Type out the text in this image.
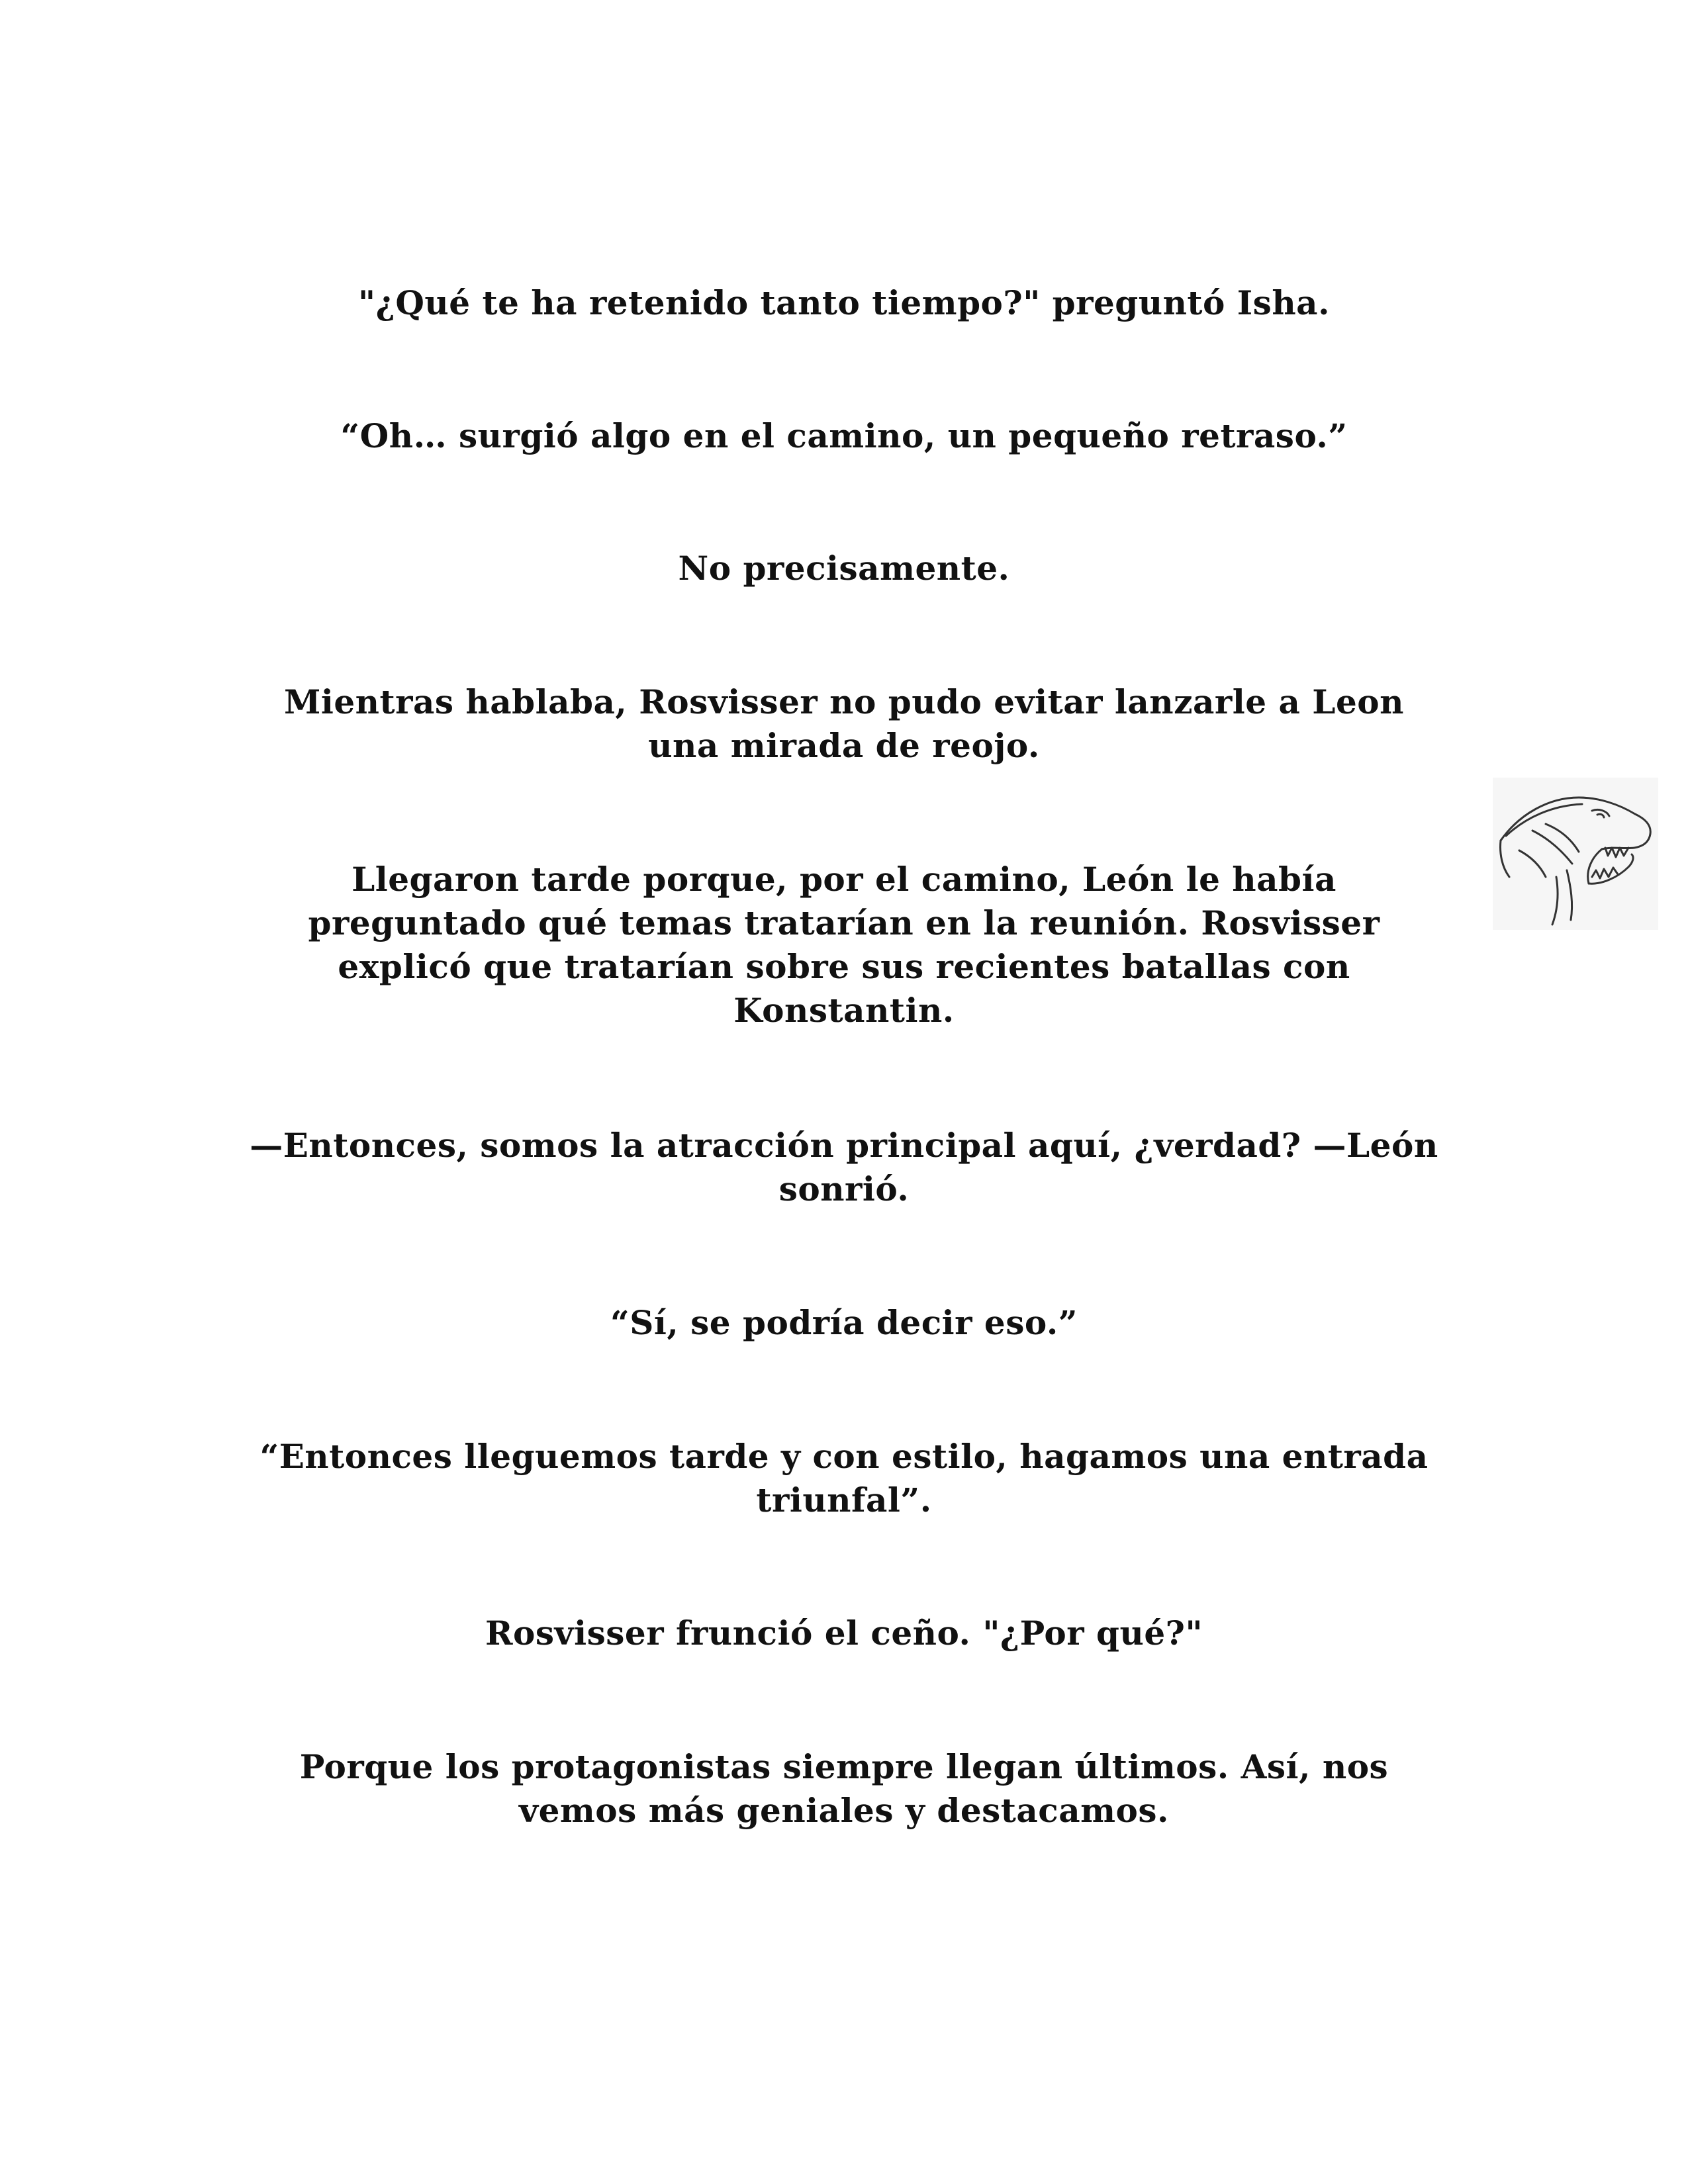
"¿Qué te ha retenido tanto tiempo?" preguntó Isha.

“Oh… surgió algo en el camino, un pequeño retraso.”

No precisamente.

Mientras hablaba, Rosvisser no pudo evitar lanzarle a Leon una mirada de reojo.

Llegaron tarde porque, por el camino, León le había preguntado qué temas tratarían en la reunión. Rosvisser explicó que tratarían sobre sus recientes batallas con Konstantin.

—Entonces, somos la atracción principal aquí, ¿verdad? —León sonrió.

“Sí, se podría decir eso.”

“Entonces lleguemos tarde y con estilo, hagamos una entrada triunfal”.

Rosvisser frunció el ceño. "¿Por qué?"

Porque los protagonistas siempre llegan últimos. Así, nos vemos más geniales y destacamos.
